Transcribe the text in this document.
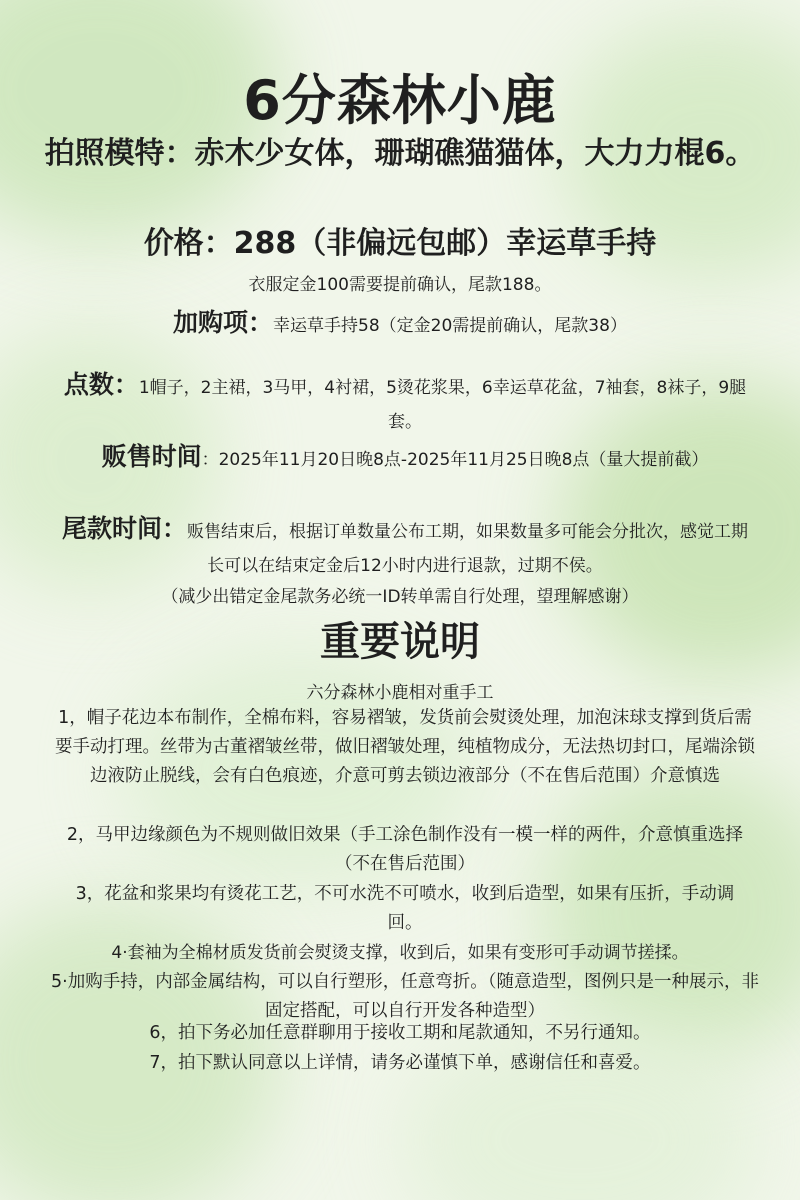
6分森林小鹿

拍照模特：赤木少女体，珊瑚礁猫猫体，大力力棍6。

价格：288（非偏远包邮）幸运草手持

衣服定金100需要提前确认，尾款188。

加购项：幸运草手持58（定金20需提前确认，尾款38）

点数：1帽子，2主裙，3马甲，4衬裙，5烫花浆果，6幸运草花盆，7袖套，8袜子，9腿套。

贩售时间：2025年11月20日晚8点-2025年11月25日晚8点（量大提前截）

尾款时间：贩售结束后，根据订单数量公布工期，如果数量多可能会分批次，感觉工期长可以在结束定金后12小时内进行退款，过期不侯。

（减少出错定金尾款务必统一ID转单需自行处理，望理解感谢）

重要说明

六分森林小鹿相对重手工

1，帽子花边本布制作，全棉布料，容易褶皱，发货前会熨烫处理，加泡沫球支撑到货后需要手动打理。丝带为古董褶皱丝带，做旧褶皱处理，纯植物成分，无法热切封口，尾端涂锁边液防止脱线，会有白色痕迹，介意可剪去锁边液部分（不在售后范围）介意慎选

2，马甲边缘颜色为不规则做旧效果（手工涂色制作没有一模一样的两件，介意慎重选择（不在售后范围）

3，花盆和浆果均有烫花工艺，不可水洗不可喷水，收到后造型，如果有压折，手动调回。

4·套袖为全棉材质发货前会熨烫支撑，收到后，如果有变形可手动调节搓揉。

5·加购手持，内部金属结构，可以自行塑形，任意弯折。（随意造型，图例只是一种展示，非固定搭配，可以自行开发各种造型）

6，拍下务必加任意群聊用于接收工期和尾款通知，不另行通知。

7，拍下默认同意以上详情，请务必谨慎下单，感谢信任和喜爱。
